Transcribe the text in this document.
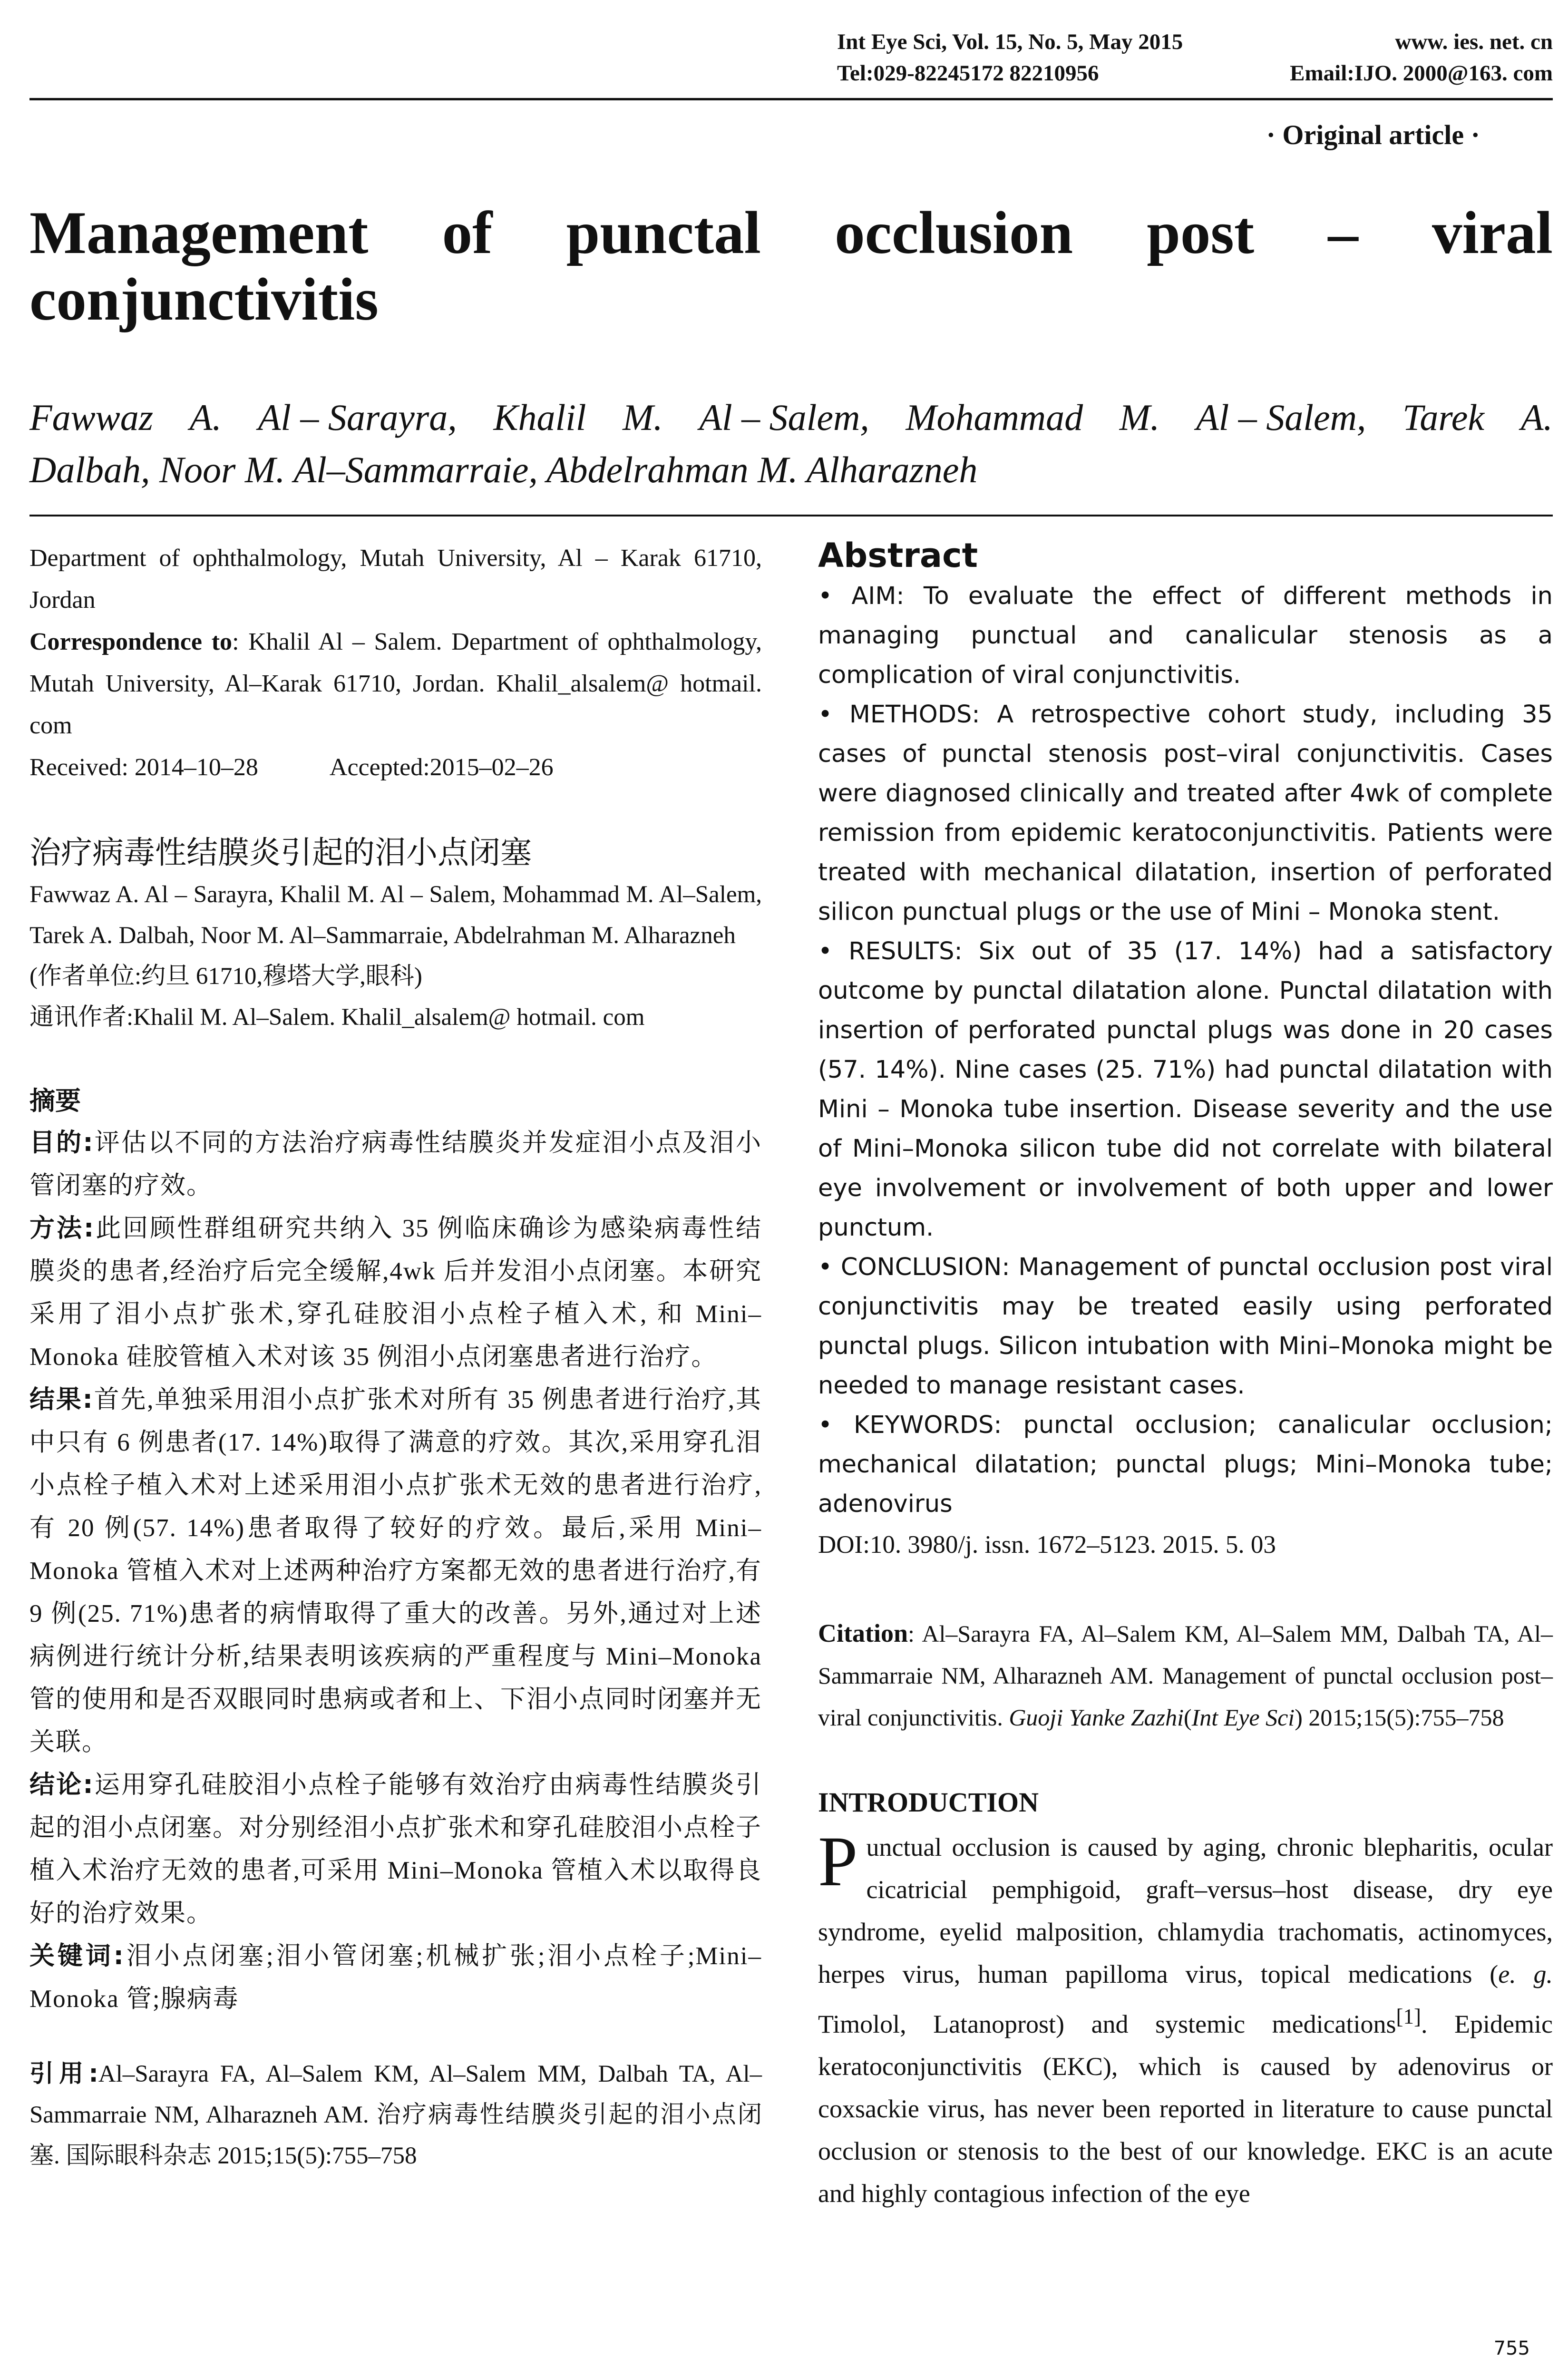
Int Eye Sci, Vol. 15, No. 5, May 2015	www. ies. net. cn
Tel:029-82245172 82210956	Email:IJO. 2000@163. com
· Original article ·
Management of punctal occlusion post – viral
conjunctivitis
Fawwaz A. Al – Sarayra, Khalil M. Al – Salem, Mohammad M. Al – Salem, Tarek A.
Dalbah, Noor M. Al–Sammarraie, Abdelrahman M. Alharazneh

Department of ophthalmology, Mutah University, Al – Karak 61710, Jordan

Correspondence to: Khalil Al – Salem. Department of ophthalmology, Mutah University, Al–Karak 61710, Jordan. Khalil_alsalem@ hotmail. com

Received: 2014–10–28	Accepted:2015–02–26

治疗病毒性结膜炎引起的泪小点闭塞

Fawwaz A. Al – Sarayra, Khalil M. Al – Salem, Mohammad M. Al–Salem, Tarek A. Dalbah, Noor M. Al–Sammarraie, Abdelrahman M. Alharazneh

(作者单位:约旦 61710,穆塔大学,眼科)

通讯作者:Khalil M. Al–Salem. Khalil_alsalem@ hotmail. com

摘要

目的:评估以不同的方法治疗病毒性结膜炎并发症泪小点及泪小管闭塞的疗效。

方法:此回顾性群组研究共纳入 35 例临床确诊为感染病毒性结膜炎的患者,经治疗后完全缓解,4wk 后并发泪小点闭塞。本研究采用了泪小点扩张术,穿孔硅胶泪小点栓子植入术, 和 Mini–Monoka 硅胶管植入术对该 35 例泪小点闭塞患者进行治疗。

结果:首先,单独采用泪小点扩张术对所有 35 例患者进行治疗,其中只有 6 例患者(17. 14%)取得了满意的疗效。其次,采用穿孔泪小点栓子植入术对上述采用泪小点扩张术无效的患者进行治疗, 有 20 例(57. 14%)患者取得了较好的疗效。最后,采用 Mini–Monoka 管植入术对上述两种治疗方案都无效的患者进行治疗,有 9 例(25. 71%)患者的病情取得了重大的改善。另外,通过对上述病例进行统计分析,结果表明该疾病的严重程度与 Mini–Monoka 管的使用和是否双眼同时患病或者和上、下泪小点同时闭塞并无关联。

结论:运用穿孔硅胶泪小点栓子能够有效治疗由病毒性结膜炎引起的泪小点闭塞。对分别经泪小点扩张术和穿孔硅胶泪小点栓子植入术治疗无效的患者,可采用 Mini–Monoka 管植入术以取得良好的治疗效果。

关键词:泪小点闭塞;泪小管闭塞;机械扩张;泪小点栓子;Mini–Monoka 管;腺病毒

引用:Al–Sarayra FA, Al–Salem KM, Al–Salem MM, Dalbah TA, Al–Sammarraie NM, Alharazneh AM. 治疗病毒性结膜炎引起的泪小点闭塞. 国际眼科杂志 2015;15(5):755–758
Abstract

• AIM: To evaluate the effect of different methods in managing punctual and canalicular stenosis as a complication of viral conjunctivitis.

• METHODS: A retrospective cohort study, including 35 cases of punctal stenosis post–viral conjunctivitis. Cases were diagnosed clinically and treated after 4wk of complete remission from epidemic keratoconjunctivitis. Patients were treated with mechanical dilatation, insertion of perforated silicon punctual plugs or the use of Mini – Monoka stent.

• RESULTS: Six out of 35 (17. 14%) had a satisfactory outcome by punctal dilatation alone. Punctal dilatation with insertion of perforated punctal plugs was done in 20 cases (57. 14%). Nine cases (25. 71%) had punctal dilatation with Mini – Monoka tube insertion. Disease severity and the use of Mini–Monoka silicon tube did not correlate with bilateral eye involvement or involvement of both upper and lower punctum.

• CONCLUSION: Management of punctal occlusion post viral conjunctivitis may be treated easily using perforated punctal plugs. Silicon intubation with Mini–Monoka might be needed to manage resistant cases.

• KEYWORDS: punctal occlusion; canalicular occlusion; mechanical dilatation; punctal plugs; Mini–Monoka tube; adenovirus

DOI:10. 3980/j. issn. 1672–5123. 2015. 5. 03
Citation: Al–Sarayra FA, Al–Salem KM, Al–Salem MM, Dalbah TA, Al–Sammarraie NM, Alharazneh AM. Management of punctal occlusion post–viral conjunctivitis. Guoji Yanke Zazhi(Int Eye Sci) 2015;15(5):755–758
INTRODUCTION
Punctual occlusion is caused by aging, chronic blepharitis, ocular cicatricial pemphigoid, graft–versus–host disease, dry eye syndrome, eyelid malposition, chlamydia trachomatis, actinomyces, herpes virus, human papilloma virus, topical medications (e. g. Timolol, Latanoprost) and systemic medications[1]. Epidemic keratoconjunctivitis (EKC), which is caused by adenovirus or coxsackie virus, has never been reported in literature to cause punctal occlusion or stenosis to the best of our knowledge. EKC is an acute and highly contagious infection of the eye
755
